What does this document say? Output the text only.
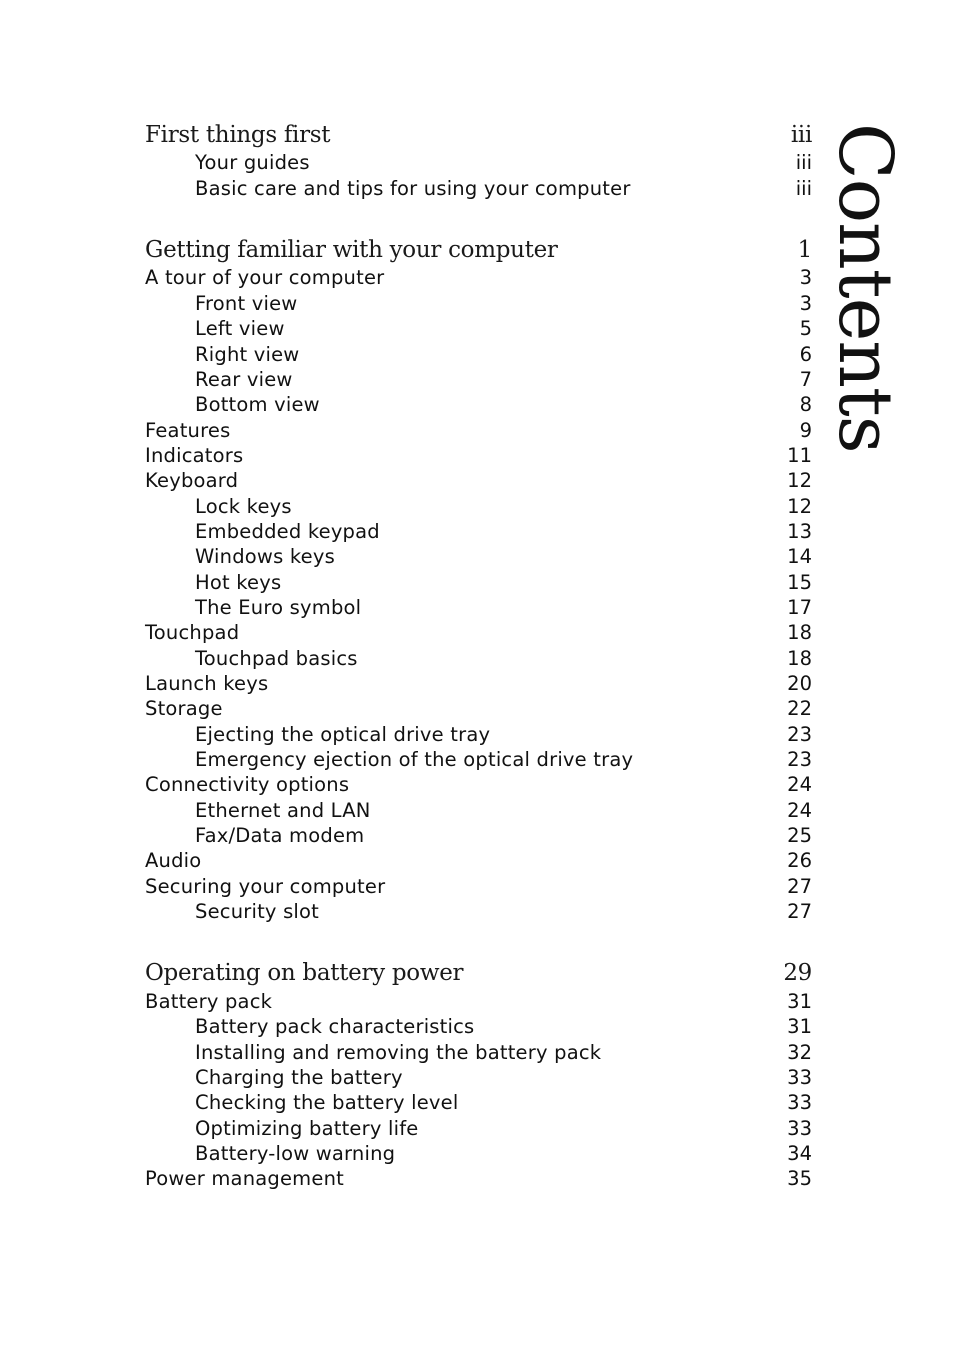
Contents
First things first	iii
Your guides	iii
Basic care and tips for using your computer	iii
Getting familiar with your computer	1
A tour of your computer	3
Front view	3
Left view	5
Right view	6
Rear view	7
Bottom view	8
Features	9
Indicators	11
Keyboard	12
Lock keys	12
Embedded keypad	13
Windows keys	14
Hot keys	15
The Euro symbol	17
Touchpad	18
Touchpad basics	18
Launch keys	20
Storage	22
Ejecting the optical drive tray	23
Emergency ejection of the optical drive tray	23
Connectivity options	24
Ethernet and LAN	24
Fax/Data modem	25
Audio	26
Securing your computer	27
Security slot	27
Operating on battery power	29
Battery pack	31
Battery pack characteristics	31
Installing and removing the battery pack	32
Charging the battery	33
Checking the battery level	33
Optimizing battery life	33
Battery-low warning	34
Power management	35
